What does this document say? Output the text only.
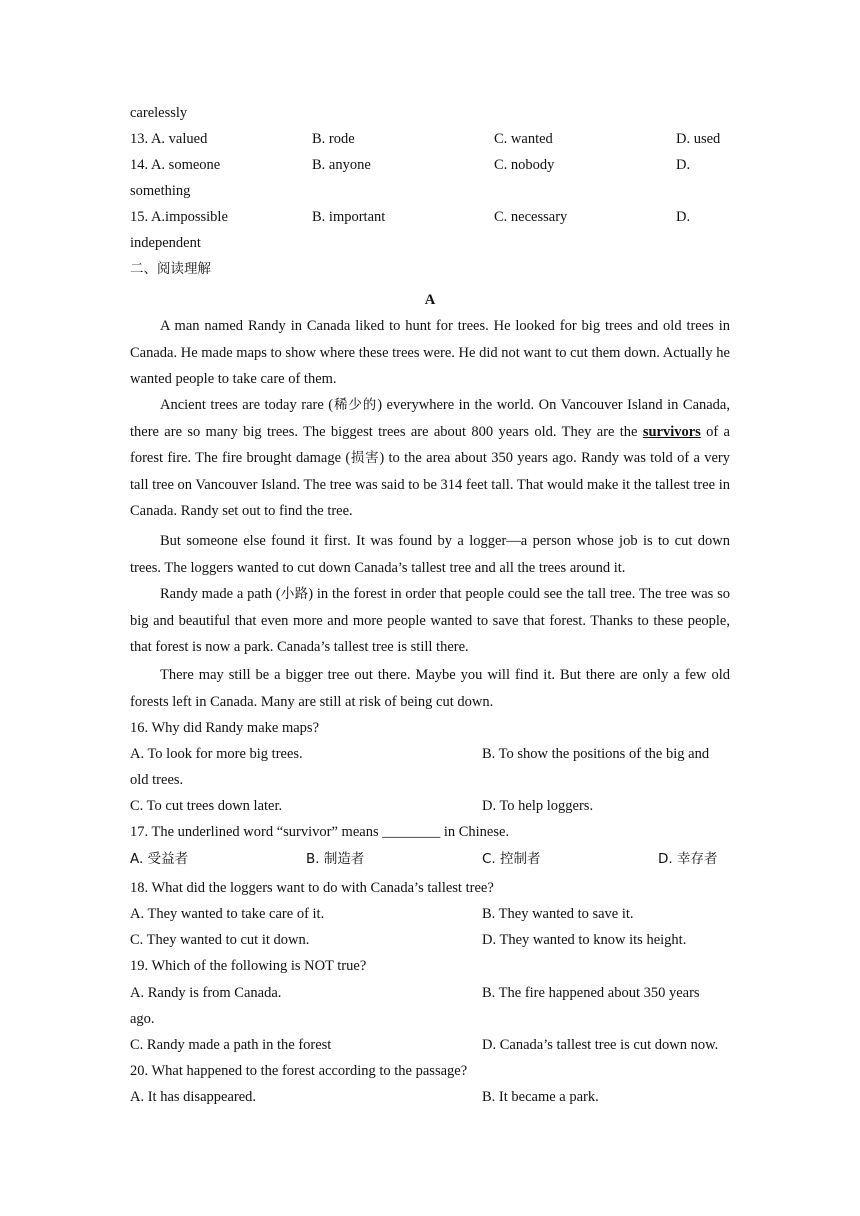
carelessly
13. A. valued	B. rode	C. wanted	D. used
14. A. someone	B. anyone	C. nobody	D.
something
15. A.impossible	B. important	C. necessary	D.
independent
二、阅读理解
A
A man named Randy in Canada liked to hunt for trees. He looked for big trees and old trees in Canada. He made maps to show where these trees were. He did not want to cut them down. Actually he wanted people to take care of them.
Ancient trees are today rare (稀少的) everywhere in the world. On Vancouver Island in Canada, there are so many big trees. The biggest trees are about 800 years old. They are the survivors of a forest fire. The fire brought damage (损害) to the area about 350 years ago. Randy was told of a very tall tree on Vancouver Island. The tree was said to be 314 feet tall. That would make it the tallest tree in Canada. Randy set out to find the tree.
But someone else found it first. It was found by a logger—a person whose job is to cut down trees. The loggers wanted to cut down Canada’s tallest tree and all the trees around it.
Randy made a path (小路) in the forest in order that people could see the tall tree. The tree was so big and beautiful that even more and more people wanted to save that forest. Thanks to these people, that forest is now a park. Canada’s tallest tree is still there.
There may still be a bigger tree out there. Maybe you will find it. But there are only a few old forests left in Canada. Many are still at risk of being cut down.
16. Why did Randy make maps?
A. To look for more big trees.	B. To show the positions of the big and
old trees.
C. To cut trees down later.	D. To help loggers.
17. The underlined word “survivor” means ________ in Chinese.
A. 受益者	B. 制造者	C. 控制者	D. 幸存者
18. What did the loggers want to do with Canada’s tallest tree?
A. They wanted to take care of it.	B. They wanted to save it.
C. They wanted to cut it down.	D. They wanted to know its height.
19. Which of the following is NOT true?
A. Randy is from Canada.	B. The fire happened about 350 years
ago.
C. Randy made a path in the forest	D. Canada’s tallest tree is cut down now.
20. What happened to the forest according to the passage?
A. It has disappeared.	B. It became a park.
